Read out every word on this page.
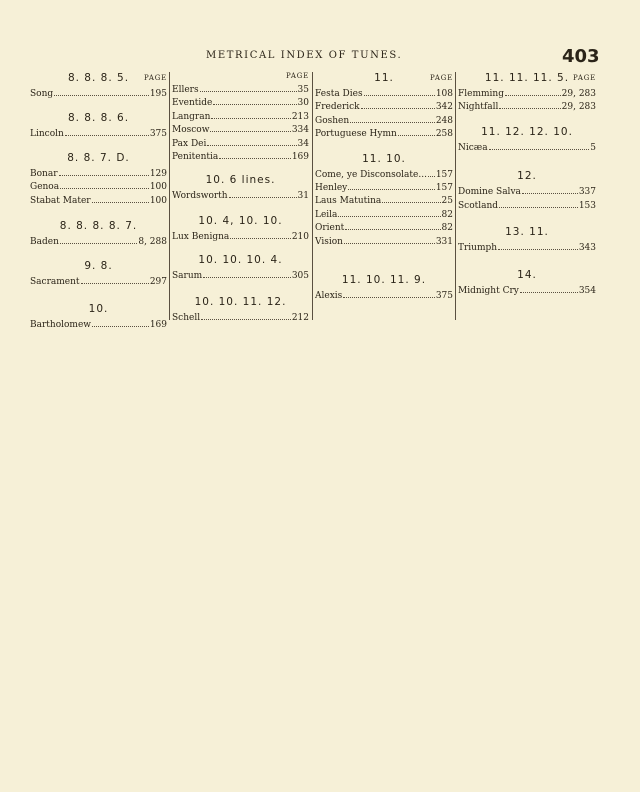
METRICAL INDEX OF TUNES.	403
8. 8. 8. 5. PAGE
Song	195
8. 8. 8. 6.
Lincoln	375
8. 8. 7. D.
Bonar	129
Genoa	100
Stabat Mater	100
8. 8. 8. 8. 7.
Baden	8, 288
9. 8.
Sacrament	297
10.
Bartholomew	169
PAGE
Ellers	35
Eventide	30
Langran	213
Moscow	334
Pax Dei	34
Penitentia	169
10. 6 lines.
Wordsworth	31
10. 4, 10. 10.
Lux Benigna	210
10. 10. 10. 4.
Sarum	305
10. 10. 11. 12.
Schell	212
11.	PAGE
Festa Dies	108
Frederick	342
Goshen	248
Portuguese Hymn	258
11. 10.
Come, ye Disconsolate... 157
Henley	157
Laus Matutina	25
Leila	82
Orient	82
Vision	331
11. 10. 11. 9.
Alexis	375
11. 11. 11. 5. PAGE
Flemming	29, 283
Nightfall	29, 283
11. 12. 12. 10.
Nicæa	5
12.
Domine Salva	337
Scotland	153
13. 11.
Triumph	343
14.
Midnight Cry	354
